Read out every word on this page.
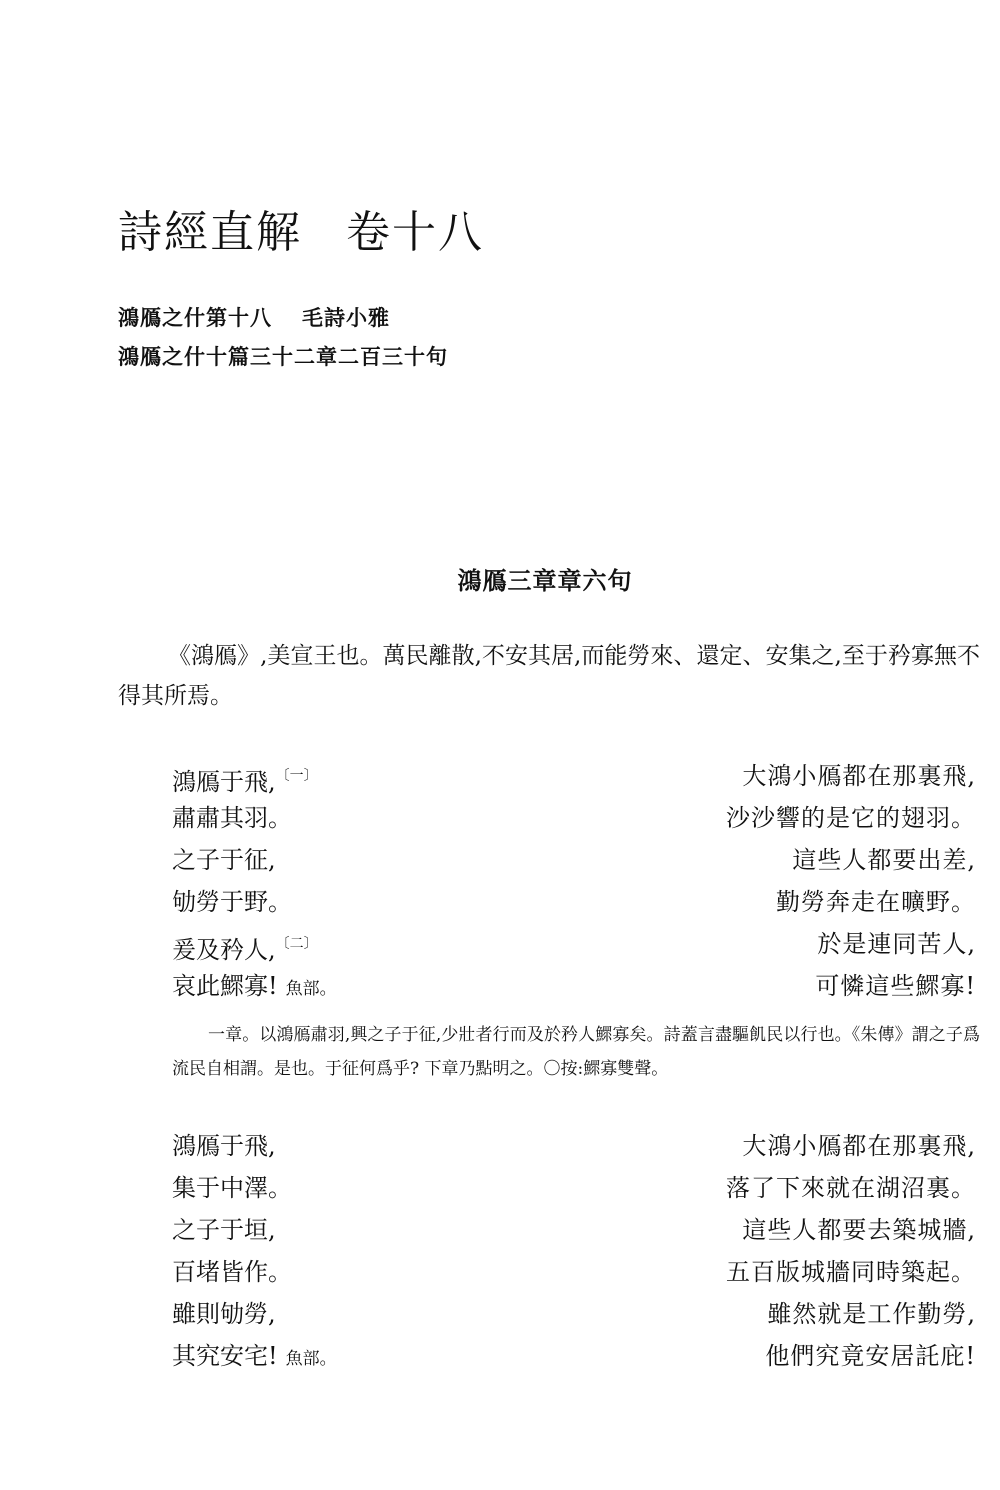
詩經直解 卷十八
鴻鴈之什第十八 毛詩小雅
鴻鴈之什十篇三十二章二百三十句
鴻鴈三章章六句
《鴻鴈》,美宣王也。萬民離散,不安其居,而能勞來、還定、安集之,至于矜寡無不得其所焉。
鴻鴈于飛,$^{〔一〕}$	大鴻小鴈都在那裏飛,
肅肅其羽。	沙沙響的是它的翅羽。
之子于征,	這些人都要出差,
劬勞于野。	勤勞奔走在曠野。
爰及矜人,$^{〔二〕}$	於是連同苦人,
哀此鰥寡! 魚部。	可憐這些鰥寡!
一章。以鴻鴈肅羽,興之子于征,少壯者行而及於矜人鰥寡矣。詩蓋言盡驅飢民以行也。《朱傳》謂之子爲流民自相謂。是也。于征何爲乎? 下章乃點明之。〇按:鰥寡雙聲。
鴻鴈于飛,	大鴻小鴈都在那裏飛,
集于中澤。	落了下來就在湖沼裏。
之子于垣,	這些人都要去築城牆,
百堵皆作。	五百版城牆同時築起。
雖則劬勞,	雖然就是工作勤勞,
其究安宅! 魚部。	他們究竟安居託庇!
